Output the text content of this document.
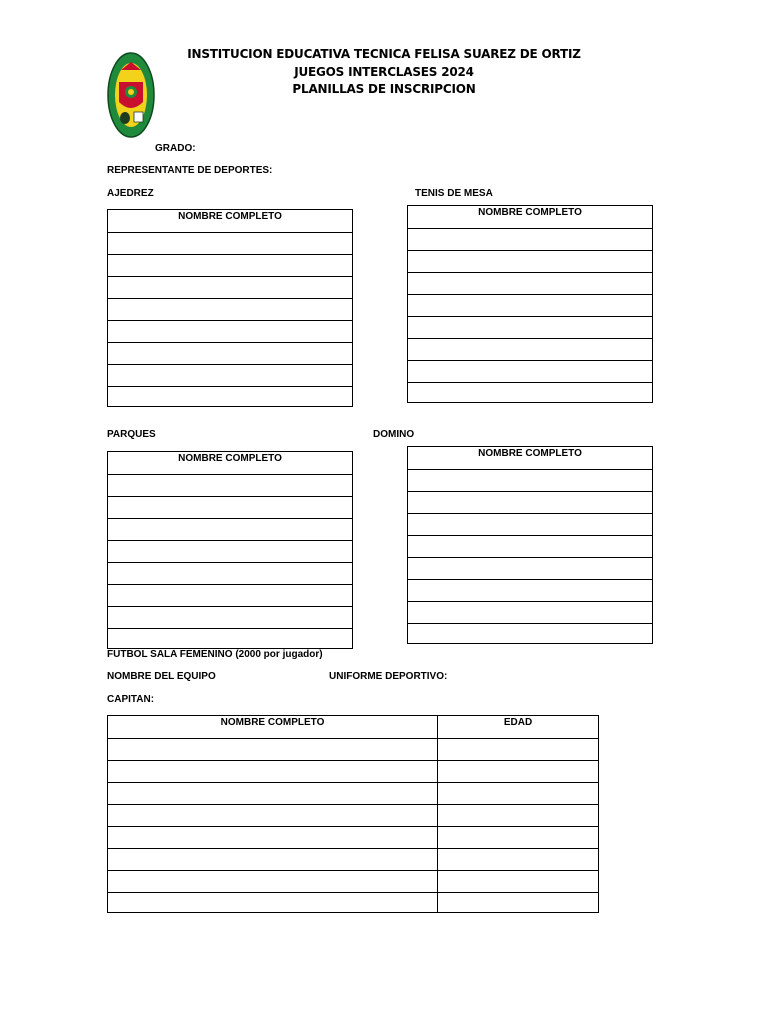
INSTITUCION EDUCATIVA TECNICA FELISA SUAREZ DE ORTIZ
JUEGOS INTERCLASES 2024
PLANILLAS DE INSCRIPCION
GRADO:
REPRESENTANTE DE DEPORTES:
AJEDREZ
NOMBRE COMPLETO

TENIS DE MESA
NOMBRE COMPLETO

PARQUES
NOMBRE COMPLETO

DOMINO
NOMBRE COMPLETO

FUTBOL SALA FEMENINO (2000 por jugador)
NOMBRE DEL EQUIPO	UNIFORME DEPORTIVO:
CAPITAN:
NOMBRE COMPLETO	EDAD
